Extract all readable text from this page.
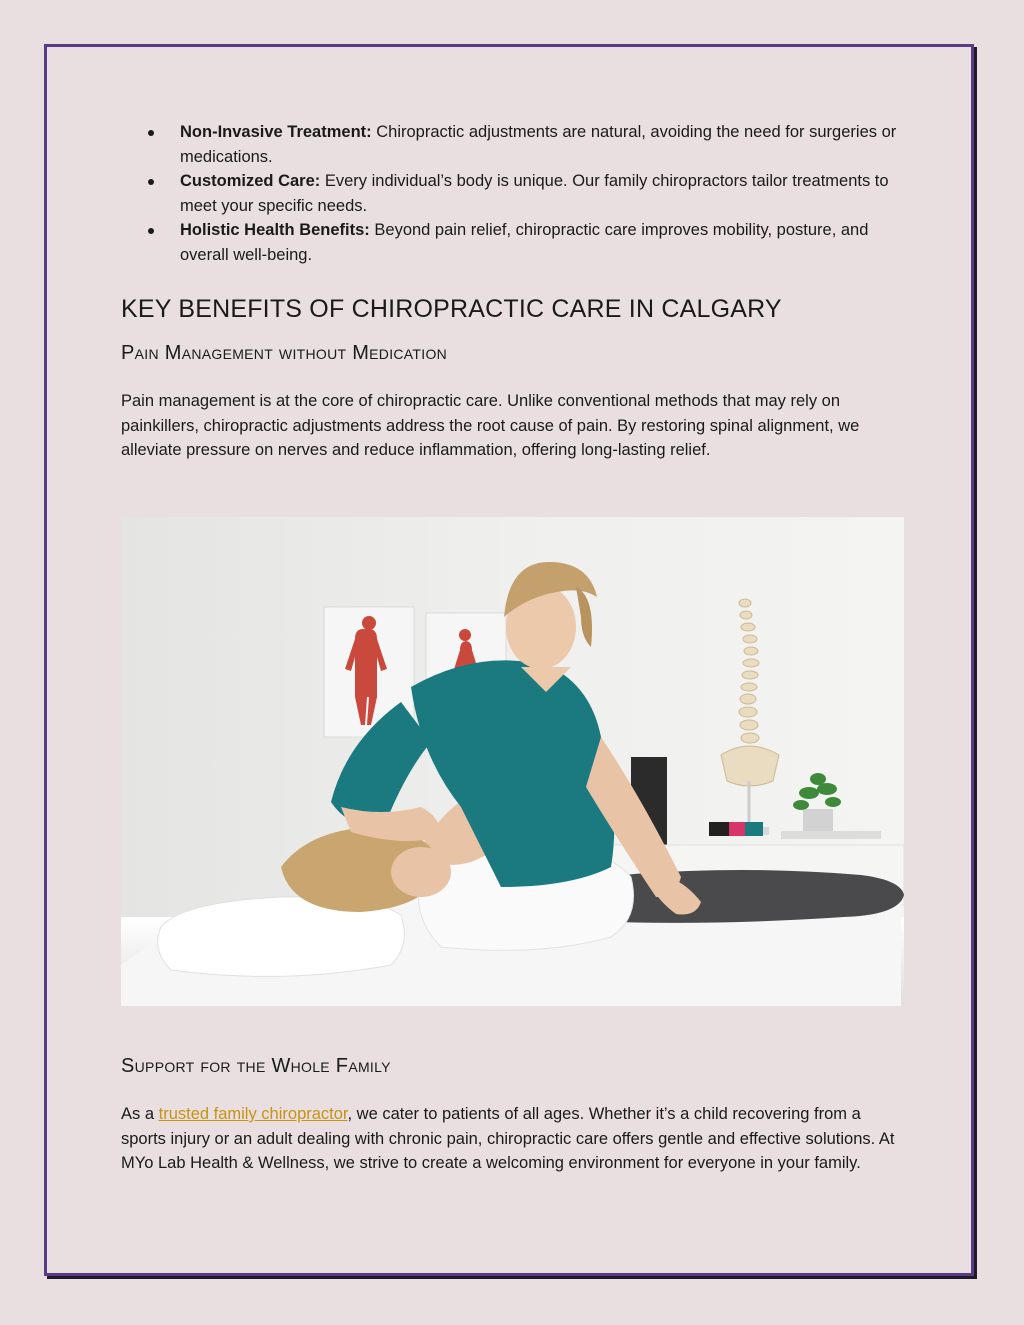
Non-Invasive Treatment: Chiropractic adjustments are natural, avoiding the need for surgeries or medications.
Customized Care: Every individual’s body is unique. Our family chiropractors tailor treatments to meet your specific needs.
Holistic Health Benefits: Beyond pain relief, chiropractic care improves mobility, posture, and overall well-being.
KEY BENEFITS OF CHIROPRACTIC CARE IN CALGARY
Pain Management without Medication

Pain management is at the core of chiropractic care. Unlike conventional methods that may rely on painkillers, chiropractic adjustments address the root cause of pain. By restoring spinal alignment, we alleviate pressure on nerves and reduce inflammation, offering long-lasting relief.

Support for the Whole Family

As a trusted family chiropractor, we cater to patients of all ages. Whether it’s a child recovering from a sports injury or an adult dealing with chronic pain, chiropractic care offers gentle and effective solutions. At MYo Lab Health & Wellness, we strive to create a welcoming environment for everyone in your family.
